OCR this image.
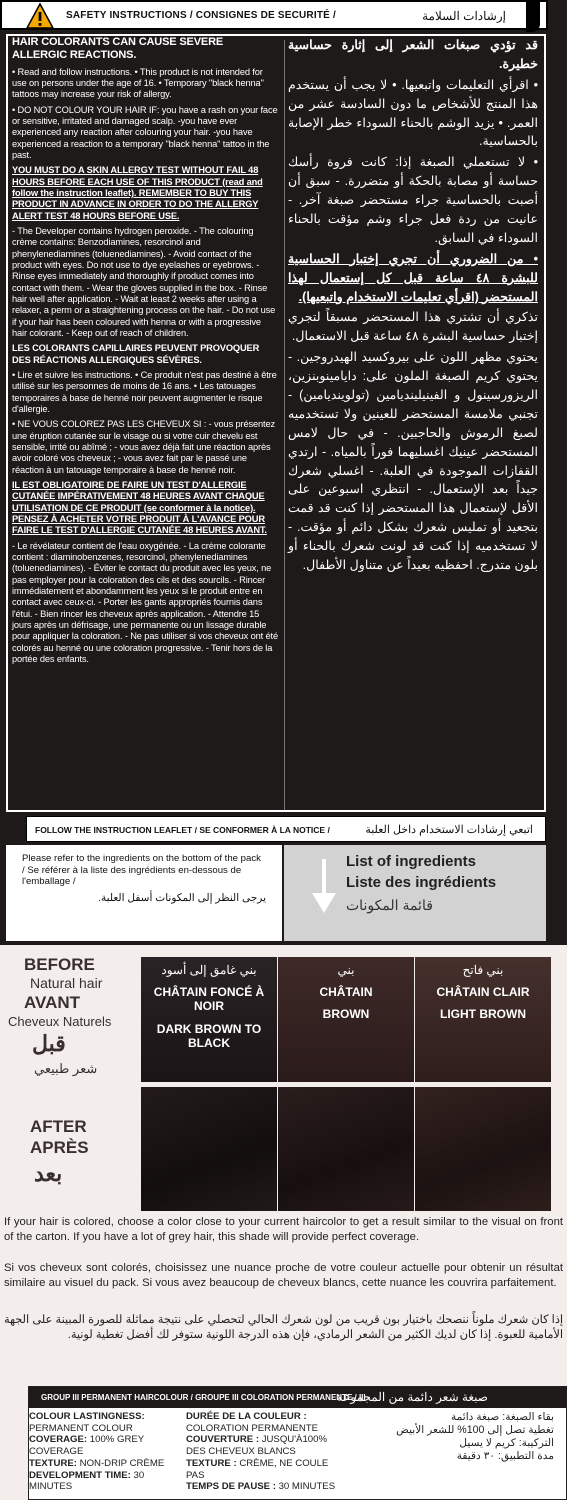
SAFETY INSTRUCTIONS / CONSIGNES DE SECURITÉ /	إرشادات السلامة

HAIR COLORANTS CAN CAUSE SEVERE ALLERGIC REACTIONS.

• Read and follow instructions. • This product is not intended for use on persons under the age of 16. • Temporary "black henna" tattoos may increase your risk of allergy.

• DO NOT COLOUR YOUR HAIR IF: you have a rash on your face or sensitive, irritated and damaged scalp. -you have ever experienced any reaction after colouring your hair. -you have experienced a reaction to a temporary "black henna" tattoo in the past.

YOU MUST DO A SKIN ALLERGY TEST WITHOUT FAIL 48 HOURS BEFORE EACH USE OF THIS PRODUCT (read and follow the instruction leaflet). REMEMBER TO BUY THIS PRODUCT IN ADVANCE IN ORDER TO DO THE ALLERGY ALERT TEST 48 HOURS BEFORE USE.

- The Developer contains hydrogen peroxide. - The colouring crème contains: Benzodiamines, resorcinol and phenylenediamines (toluenediamines). - Avoid contact of the product with eyes. Do not use to dye eyelashes or eyebrows. - Rinse eyes immediately and thoroughly if product comes into contact with them. - Wear the gloves supplied in the box. - Rinse hair well after application. - Wait at least 2 weeks after using a relaxer, a perm or a straightening process on the hair. - Do not use if your hair has been coloured with henna or with a progressive hair colorant. - Keep out of reach of children.

LES COLORANTS CAPILLAIRES PEUVENT PROVOQUER DES RÉACTIONS ALLERGIQUES SÉVÈRES.

• Lire et suivre les instructions. • Ce produit n'est pas destiné à être utilisé sur les personnes de moins de 16 ans. • Les tatouages temporaires à base de henné noir peuvent augmenter le risque d'allergie.

• NE VOUS COLOREZ PAS LES CHEVEUX SI : - vous présentez une éruption cutanée sur le visage ou si votre cuir chevelu est sensible, irrité ou abîmé ; - vous avez déjà fait une réaction après avoir coloré vos cheveux ; - vous avez fait par le passé une réaction à un tatouage temporaire à base de henné noir.

IL EST OBLIGATOIRE DE FAIRE UN TEST D'ALLERGIE CUTANÉE IMPÉRATIVEMENT 48 HEURES AVANT CHAQUE UTILISATION DE CE PRODUIT (se conformer à la notice). PENSEZ À ACHETER VOTRE PRODUIT À L'AVANCE POUR FAIRE LE TEST D'ALLERGIE CUTANÉE 48 HEURES AVANT.

- Le révélateur contient de l'eau oxygénée. - La crème colorante contient : diaminobenzenes, resorcinol, phenylenediamines (toluenediamines). - Éviter le contact du produit avec les yeux, ne pas employer pour la coloration des cils et des sourcils. - Rincer immédiatement et abondamment les yeux si le produit entre en contact avec ceux-ci. - Porter les gants appropriés fournis dans l'étui. - Bien rincer les cheveux après application. - Attendre 15 jours après un défrisage, une permanente ou un lissage durable pour appliquer la coloration. - Ne pas utiliser si vos cheveux ont été colorés au henné ou une coloration progressive. - Tenir hors de la portée des enfants.

قد تؤدي صبغات الشعر إلى إثارة حساسية خطيرة.

• اقرأي التعليمات واتبعيها. • لا يجب أن يستخدم هذا المنتج للأشخاص ما دون السادسة عشر من العمر. • يزيد الوشم بالحناء السوداء خطر الإصابة بالحساسية.

• لا تستعملي الصبغة إذا: كانت فروة رأسك حساسة أو مصابة بالحكة أو متضررة. - سبق أن أصبت بالحساسية جراء مستحضر صبغة آخر. - عانيت من ردة فعل جراء وشم مؤقت بالحناء السوداء في السابق.

• من الضروري أن تجري إختبار الحساسية للبشرة ٤٨ ساعة قبل كل إستعمال لهذا المستحضر (اقرأي تعليمات الاستخدام واتبعيها).

تذكري أن تشتري هذا المستحضر مسبقاً لتجري إختبار حساسية البشرة ٤٨ ساعة قبل الاستعمال.

يحتوي مظهر اللون على بيروكسيد الهيدروجين. - يحتوي كريم الصبغة الملون على: دايامينوبنزين، الريزورسينول و الفينيلينديامين (تولوينديامين) - تجنبي ملامسة المستحضر للعينين ولا تستخدميه لصبغ الرموش والحاجبين. - في حال لامس المستحضر عينيك اغسليهما فوراً بالمياه. - ارتدي القفازات الموجودة في العلبة. - اغسلي شعرك جيداً بعد الإستعمال. - انتظري اسبوعين على الأقل لإستعمال هذا المستحضر إذا كنت قد قمت بتجعيد أو تمليس شعرك بشكل دائم أو مؤقت. - لا تستخدميه إذا كنت قد لونت شعرك بالحناء أو بلون متدرج. احفظيه بعيداً عن متناول الأطفال.

FOLLOW THE INSTRUCTION LEAFLET / SE CONFORMER À LA NOTICE /	اتبعي إرشادات الاستخدام داخل العلبة

Please refer to the ingredients on the bottom of the pack / Se référer à la liste des ingrédients en-dessous de l'emballage /

يرجى النظر إلى المكونات أسفل العلبة.

List of ingredients
Liste des ingrédients
قائمة المكونات
BEFORE
Natural hair
AVANT
Cheveux Naturels
قبل
شعر طبيعي
AFTER
APRÈS
بعد
بني غامق إلى أسود
CHÂTAIN FONCÉ À NOIR
DARK BROWN TO BLACK
بني
CHÂTAIN
BROWN
بني فاتح
CHÂTAIN CLAIR
LIGHT BROWN

If your hair is colored, choose a color close to your current haircolor to get a result similar to the visual on front of the carton. If you have a lot of grey hair, this shade will provide perfect coverage.

Si vos cheveux sont colorés, choisissez une nuance proche de votre couleur actuelle pour obtenir un résultat similaire au visuel du pack. Si vous avez beaucoup de cheveux blancs, cette nuance les couvrira parfaitement.

إذا كان شعرك ملوناً ننصحك باختيار بون قريب من لون شعرك الحالي لتحصلي على نتيجة مماثلة للصورة المبينة على الجهة الأمامية للعبوة. إذا كان لديك الكثير من الشعر الرمادي، فإن هذه الدرجة اللونية ستوفر لك أفضل تغطية لونية.

GROUP III PERMANENT HAIRCOLOUR / GROUPE III COLORATION PERMANENTE / III
صبغة شعر دائمة من المجموعة
COLOUR LASTINGNESS: PERMANENT COLOUR
COVERAGE: 100% GREY COVERAGE
TEXTURE: NON-DRIP CRÈME
DEVELOPMENT TIME: 30 MINUTES
DURÉE DE LA COULEUR : COLORATION PERMANENTE
COUVERTURE : JUSQU'À100% DES CHEVEUX BLANCS
TEXTURE : CRÈME, NE COULE PAS
TEMPS DE PAUSE : 30 MINUTES
بقاء الصبغة: صبغة دائمة
تغطية تصل إلى 100% للشعر الأبيض
التركيبة: كريم لا يسيل
مدة التطبيق: ٣٠ دقيقة
